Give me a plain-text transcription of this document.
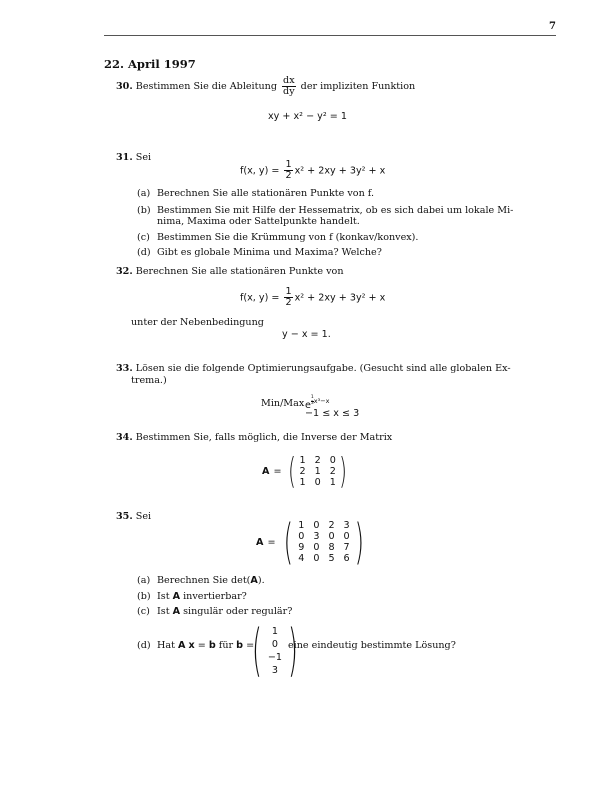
7
22. April 1997
30. Bestimmen Sie die Ableitung $\frac{dx}{dy}$ der impliziten Funktion
xy + x² − y² = 1
31. Sei
f(x, $y) = \frac{1}{2} x^2 + 2xy + 3y^2 + x$
(a) Berechnen Sie alle stationären Punkte von f.
(b) Bestimmen Sie mit Hilfe der Hessematrix, ob es sich dabei um lokale Mi-
nima, Maxima oder Sattelpunkte handelt.
(c) Bestimmen Sie die Krümmung von f (konkav/konvex).
(d) Gibt es globale Minima und Maxima? Welche?
32. Berechnen Sie alle stationären Punkte von
f(x, $y) = \frac{1}{2} x^2 + 2xy + 3y^2 + x$
unter der Nebenbedingung
y − x = 1.
33. Lösen sie die folgende Optimierungsaufgabe. (Gesucht sind alle globalen Ex-
trema.)
Min/Max e $^{\frac{1}{3} x^3-x}$
−1 ≤ x ≤ 3
34. Bestimmen Sie, falls möglich, die Inverse der Matrix
A = ( 1 2 0
2 1 2
1 0 1 )
35. Sei
A = ( 1 0 2 3
0 3 0 0
9 0 8 7
4 0 5 6 )
(a) Berechnen Sie det(A).
(b) Ist A invertierbar?
(c) Ist A singulär oder regulär?
(d) Hat A x = b für b =
(	1
0
−1
3 )
eine eindeutig bestimmte Lösung?
